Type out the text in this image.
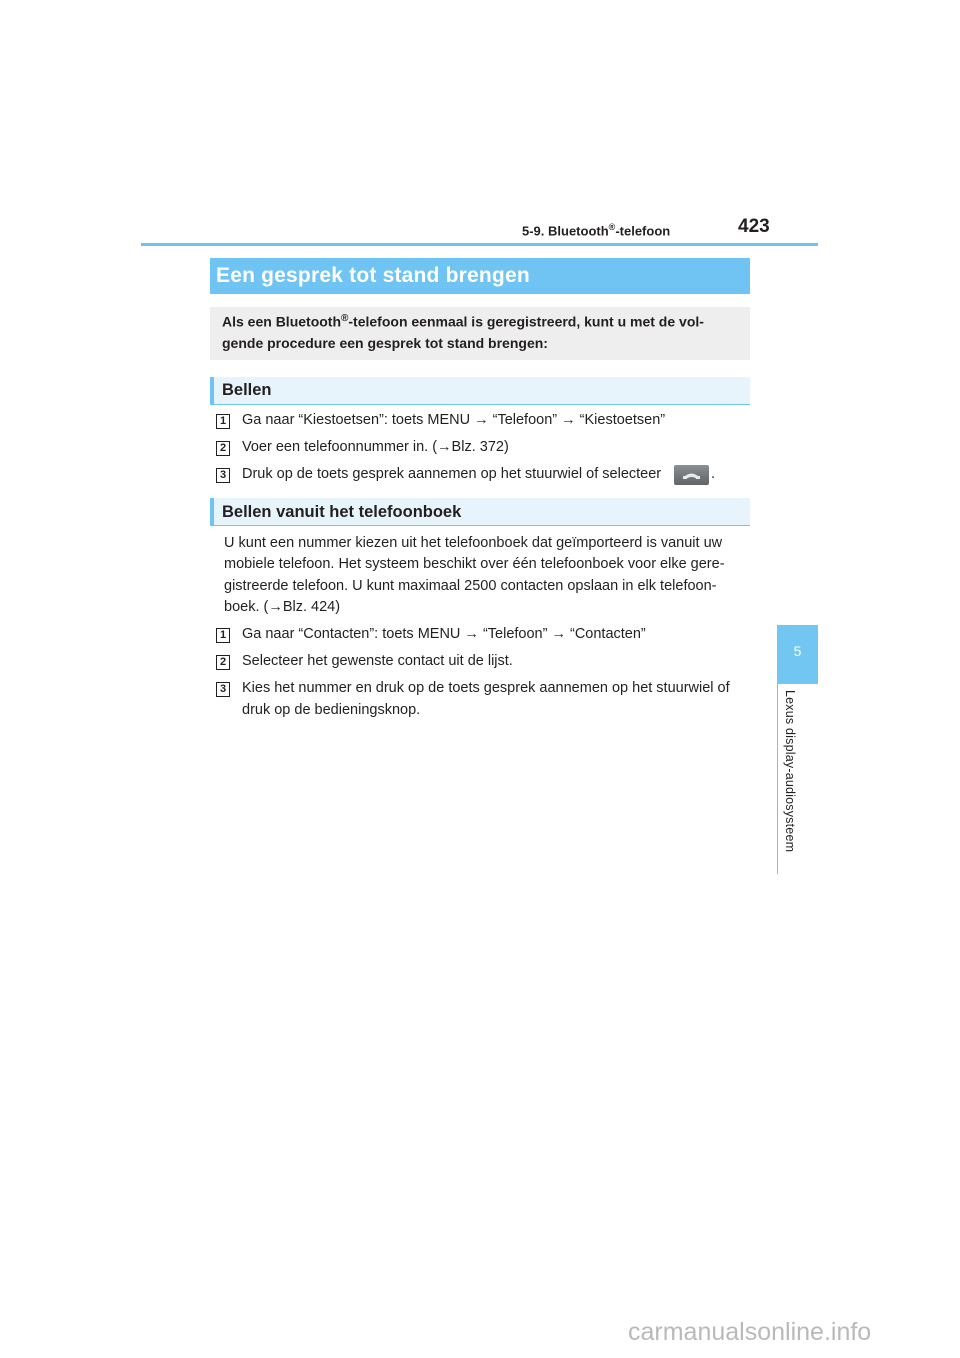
5-9. Bluetooth®-telefoon	423
5
Lexus display-audiosysteem
Een gesprek tot stand brengen
Als een Bluetooth®-telefoon eenmaal is geregistreerd, kunt u met de vol-
gende procedure een gesprek tot stand brengen:
Bellen
1 Ga naar “Kiestoetsen”: toets MENU → “Telefoon” → “Kiestoetsen”
2 Voer een telefoonnummer in. (→Blz. 372)
3 Druk op de toets gesprek aannemen op het stuurwiel of selecteer	.
Bellen vanuit het telefoonboek
U kunt een nummer kiezen uit het telefoonboek dat geïmporteerd is vanuit uw
mobiele telefoon. Het systeem beschikt over één telefoonboek voor elke gere-
gistreerde telefoon. U kunt maximaal 2500 contacten opslaan in elk telefoon-
boek. (→Blz. 424)
1 Ga naar “Contacten”: toets MENU → “Telefoon” → “Contacten”
2 Selecteer het gewenste contact uit de lijst.
3 Kies het nummer en druk op de toets gesprek aannemen op het stuurwiel of
druk op de bedieningsknop.
carmanualsonline.info
